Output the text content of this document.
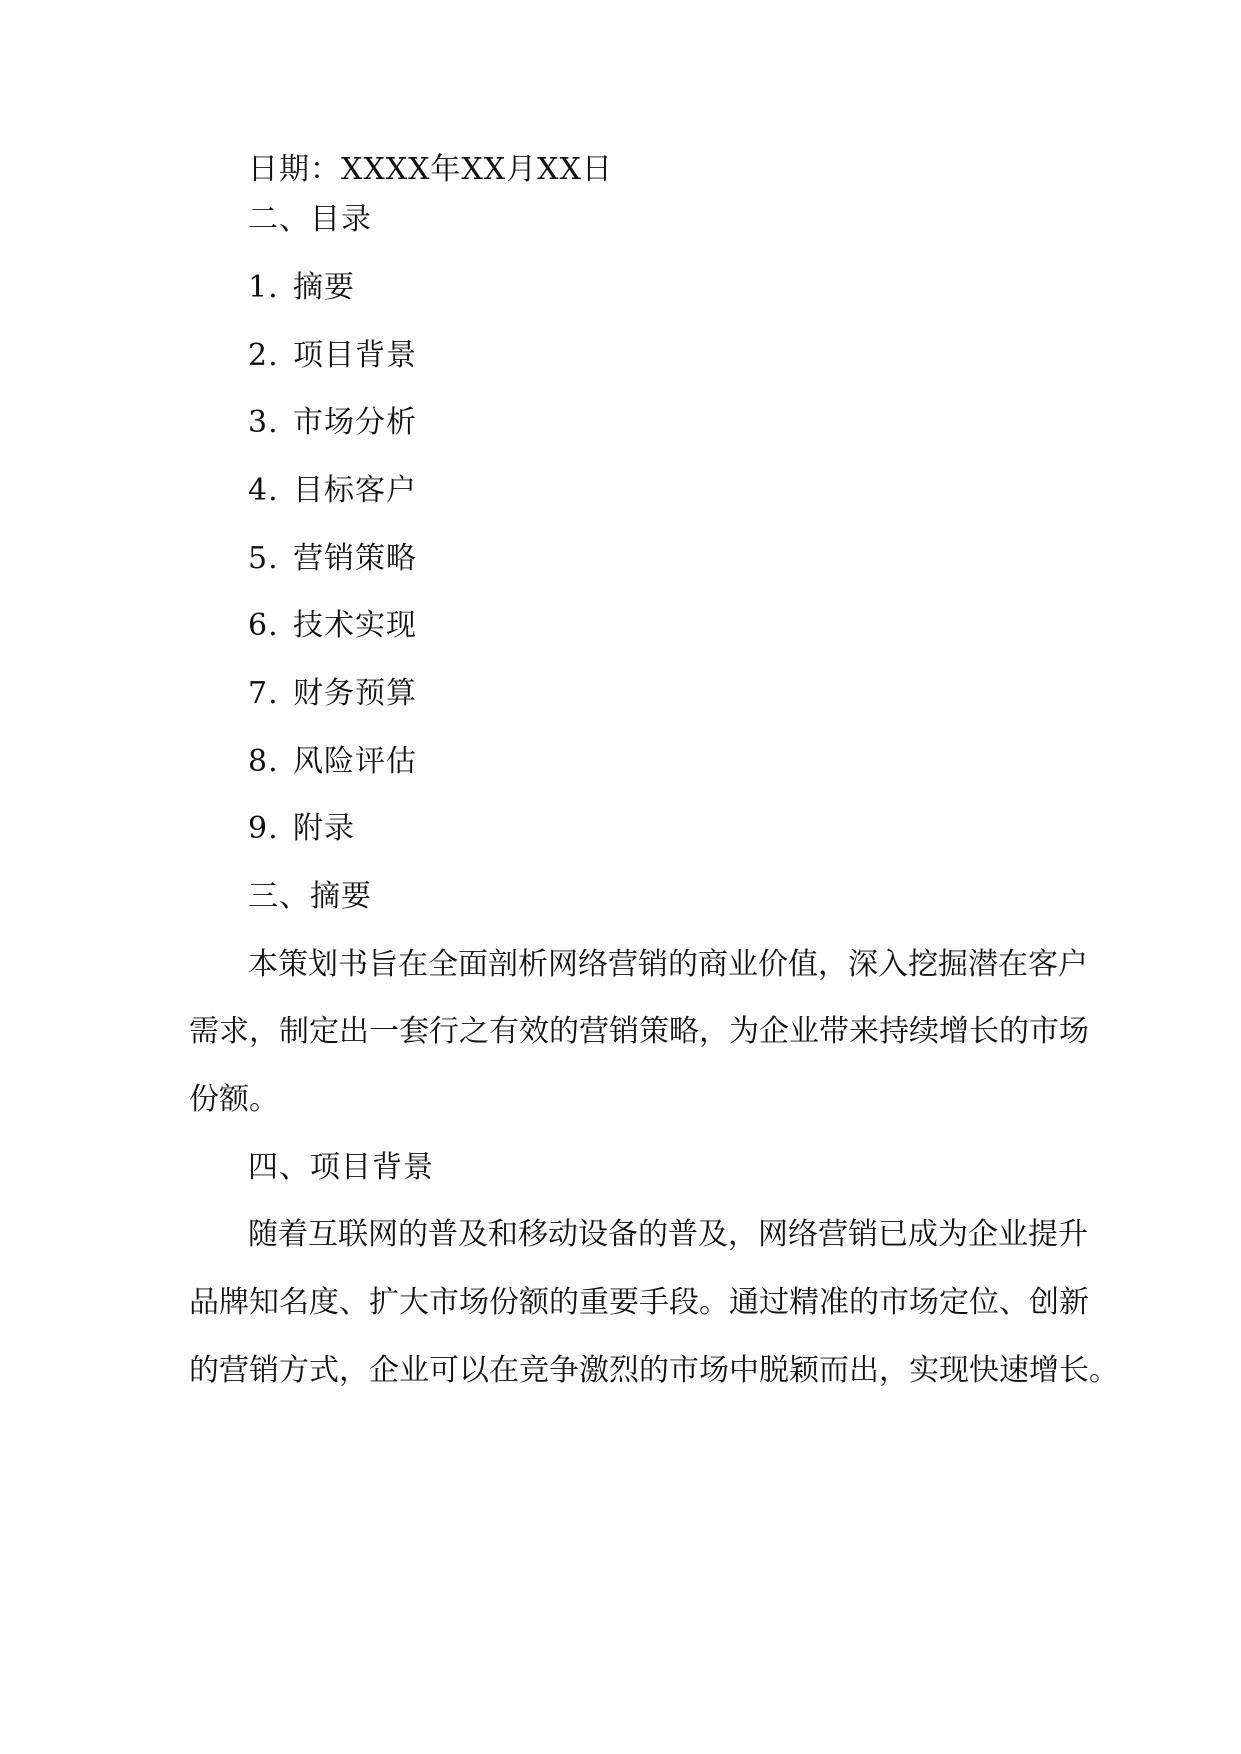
日期：XXXX年XX月XX日
二、目录
1. 摘要
2. 项目背景
3. 市场分析
4. 目标客户
5. 营销策略
6. 技术实现
7. 财务预算
8. 风险评估
9. 附录
三、摘要
本策划书旨在全面剖析网络营销的商业价值，深入挖掘潜在客户
需求，制定出一套行之有效的营销策略，为企业带来持续增长的市场
份额。
四、项目背景
随着互联网的普及和移动设备的普及，网络营销已成为企业提升
品牌知名度、扩大市场份额的重要手段。通过精准的市场定位、创新
的营销方式，企业可以在竞争激烈的市场中脱颖而出，实现快速增长。
